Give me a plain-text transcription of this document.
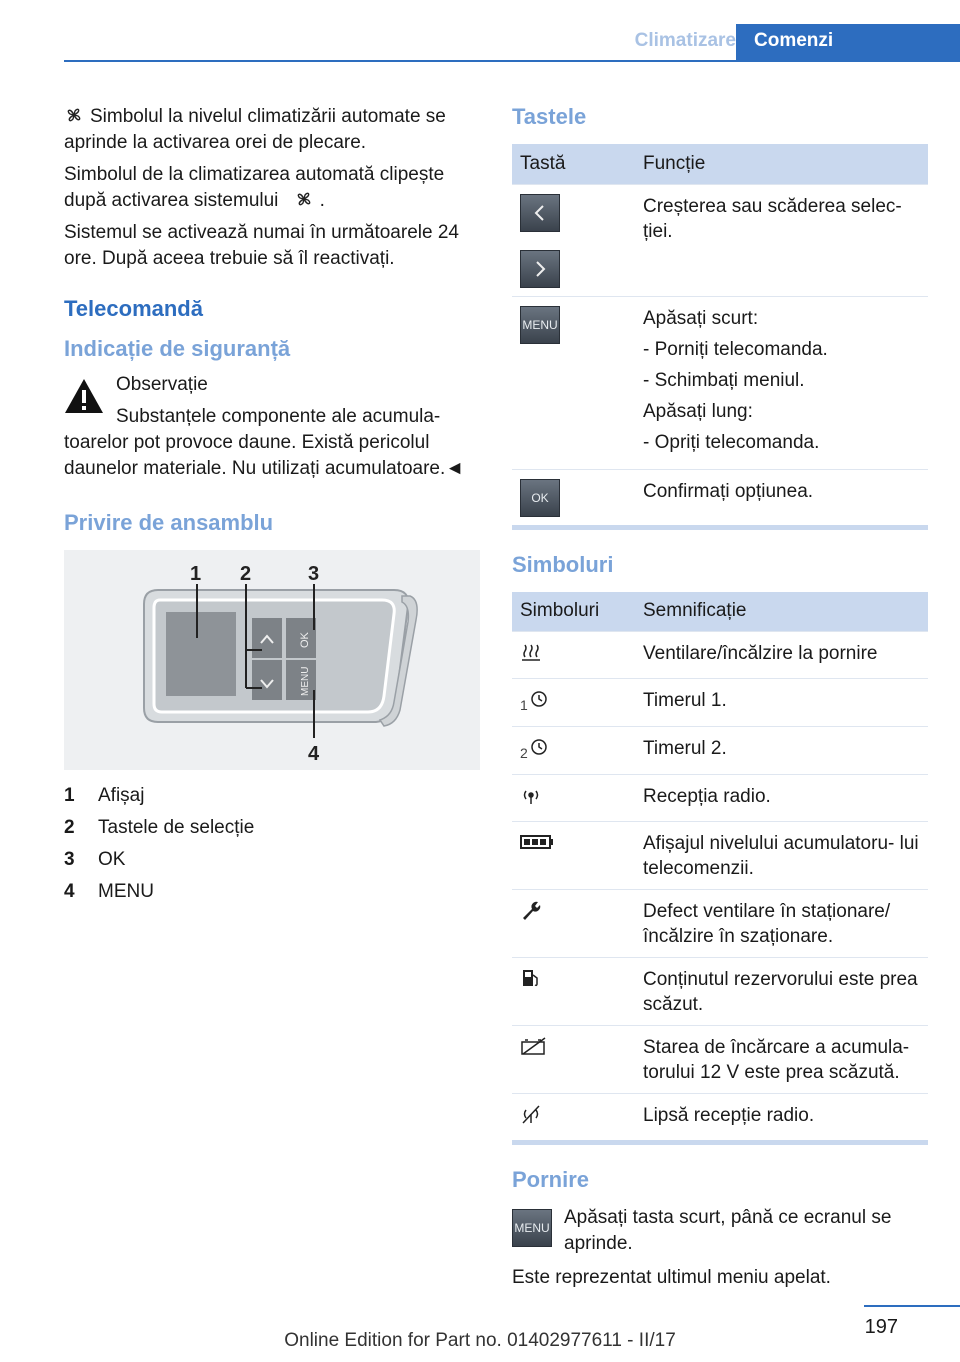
Climatizare Comenzi

Simbolul la nivelul climatizării automate se aprinde la activarea orei de plecare.

Simbolul de la climatizarea automată clipește după activarea sistemului .

Sistemul se activează numai în următoarele 24 ore. După aceea trebuie să îl reactivați.

Telecomandă
Indicație de siguranță
Observație
Substanțele componente ale acumula-
toarelor pot provoce daune. Există pericolul daunelor materiale. Nu utilizați acumulatoare.◄
Privire de ansamblu
OK
MENU
1 2	3
4
1	Afișaj
2	Tastele de selecție
3	OK
4	MENU
Tastele
Tastă	Funcție

	Creșterea sau scăderea selec- ției.

MENU	Apăsați scurt:
- Porniți telecomanda.
- Schimbați meniul.
Apăsați lung:
- Opriți telecomanda.

OK	Confirmați opțiunea.
Simboluri
Simboluri	Semnificație
	Ventilare/încălzire la pornire
1	Timerul 1.
2	Timerul 2.
	Recepția radio.
	Afișajul nivelului acumulatoru- lui telecomenzii.
	Defect ventilare în staționare/ încălzire în szaționare.
	Conținutul rezervorului este prea scăzut.
	Starea de încărcare a acumula- torului 12 V este prea scăzută.
	Lipsă recepție radio.
Pornire
MENU Apăsați tasta scurt, până ce ecranul se aprinde.

Este reprezentat ultimul meniu apelat.

197
Online Edition for Part no. 01402977611 - II/17
